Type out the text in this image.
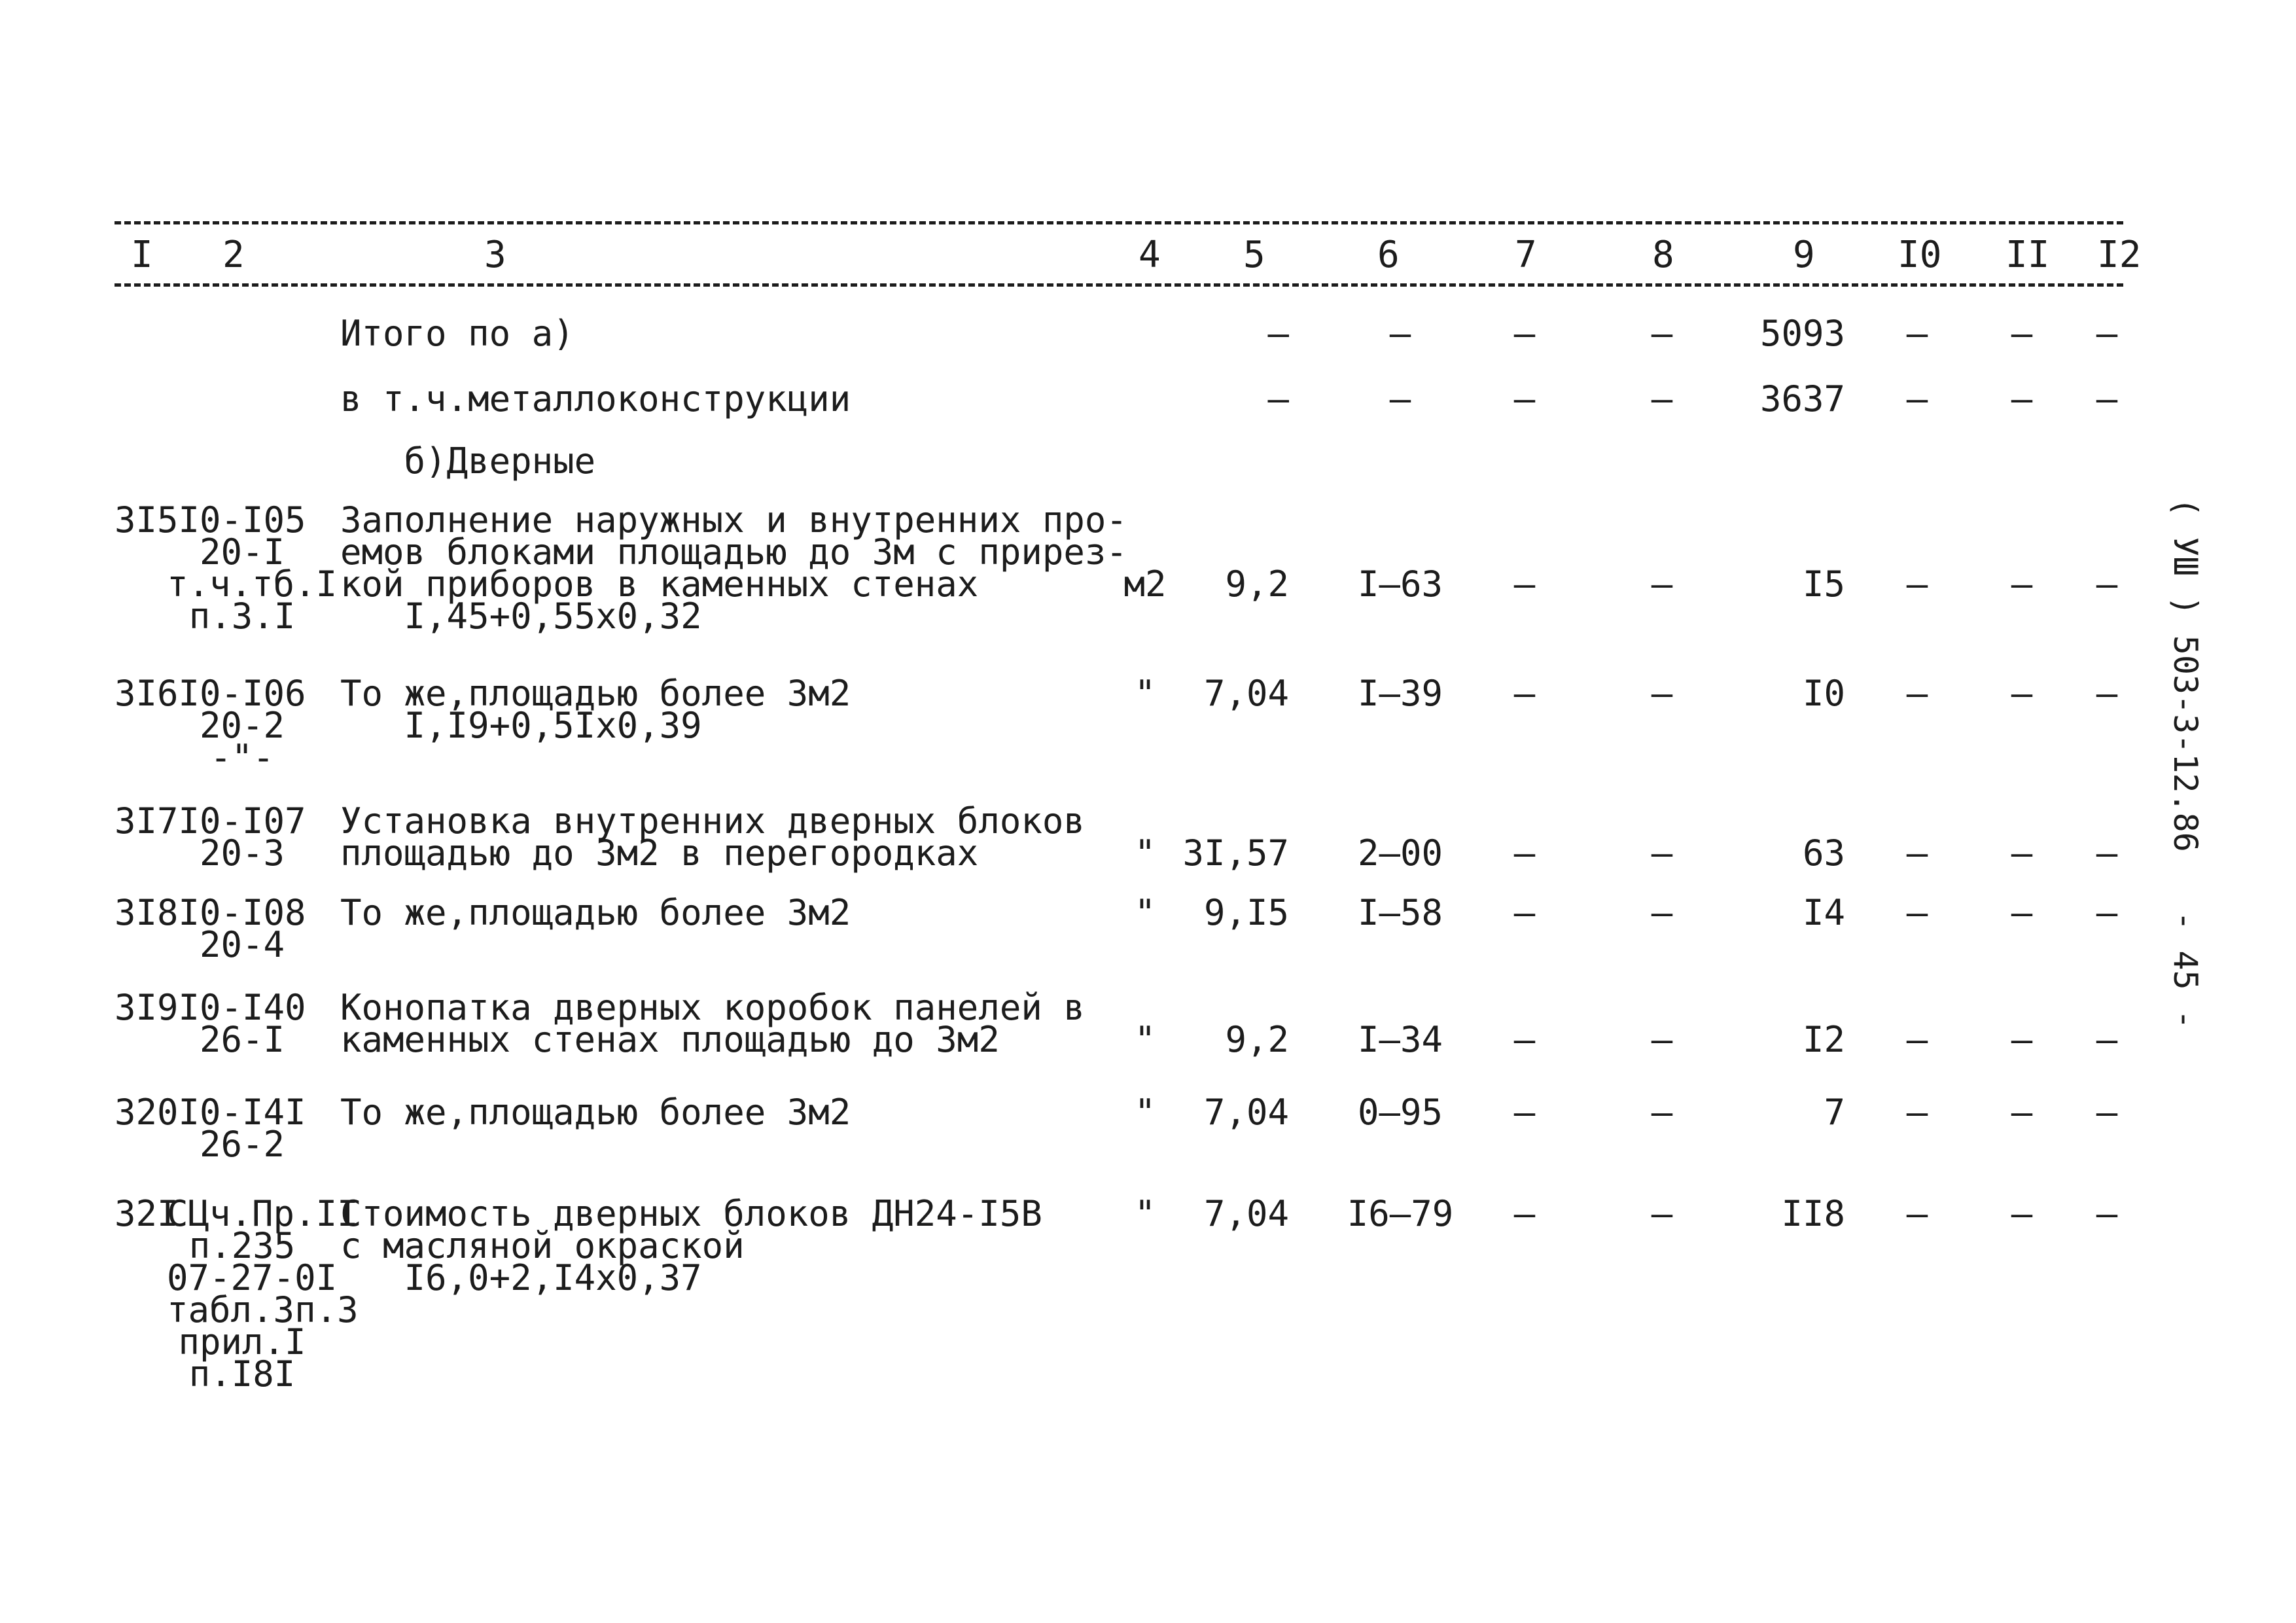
I 2	3	4 5	6	7	8	9 I0 II I2
Итого по а)	–	–	–	–	5093	–	–	–
в т.ч.металлоконструкции	–	–	–	–	3637	–	–	–
б)Дверные
3I5 I0-I05
20-I
т.ч.тб.I
п.3.I
Заполнение наружных и внутренних про-
емов блоками площадью до 3м с прирез-
кой приборов в каменных стенах
I,45+0,55х0,32
м2	9,2	I–63	–	–	I5	–	–	–
3I6 I0-I06
20-2
-"-
То же,площадью более 3м2
I,I9+0,5Iх0,39
"	7,04	I–39	–	–	I0	–	–	–
3I7 I0-I07
20-3
Установка внутренних дверных блоков
площадью до 3м2 в перегородках	" 3I,57	2–00	–	–	63	–	–	–
3I8 I0-I08
20-4
То же,площадью более 3м2	"	9,I5	I–58	–	–	I4	–	–	–
3I9 I0-I40
26-I
Конопатка дверных коробок панелей в
каменных стенах площадью до 3м2	"	9,2	I–34	–	–	I2	–	–	–
320 I0-I4I
26-2
То же,площадью более 3м2	"	7,04	0–95	–	–	7	–	–	–
32I
СЦч.Пр.II
п.235
07-27-0I
табл.3п.3
прил.I
п.I8I
Стоимость дверных блоков ДН24-I5В
с масляной окраской
I6,0+2,I4х0,37
"	7,04	I6–79	–	–	II8	–	–	–
( УШ ) 503-3-12.86   - 45 -
